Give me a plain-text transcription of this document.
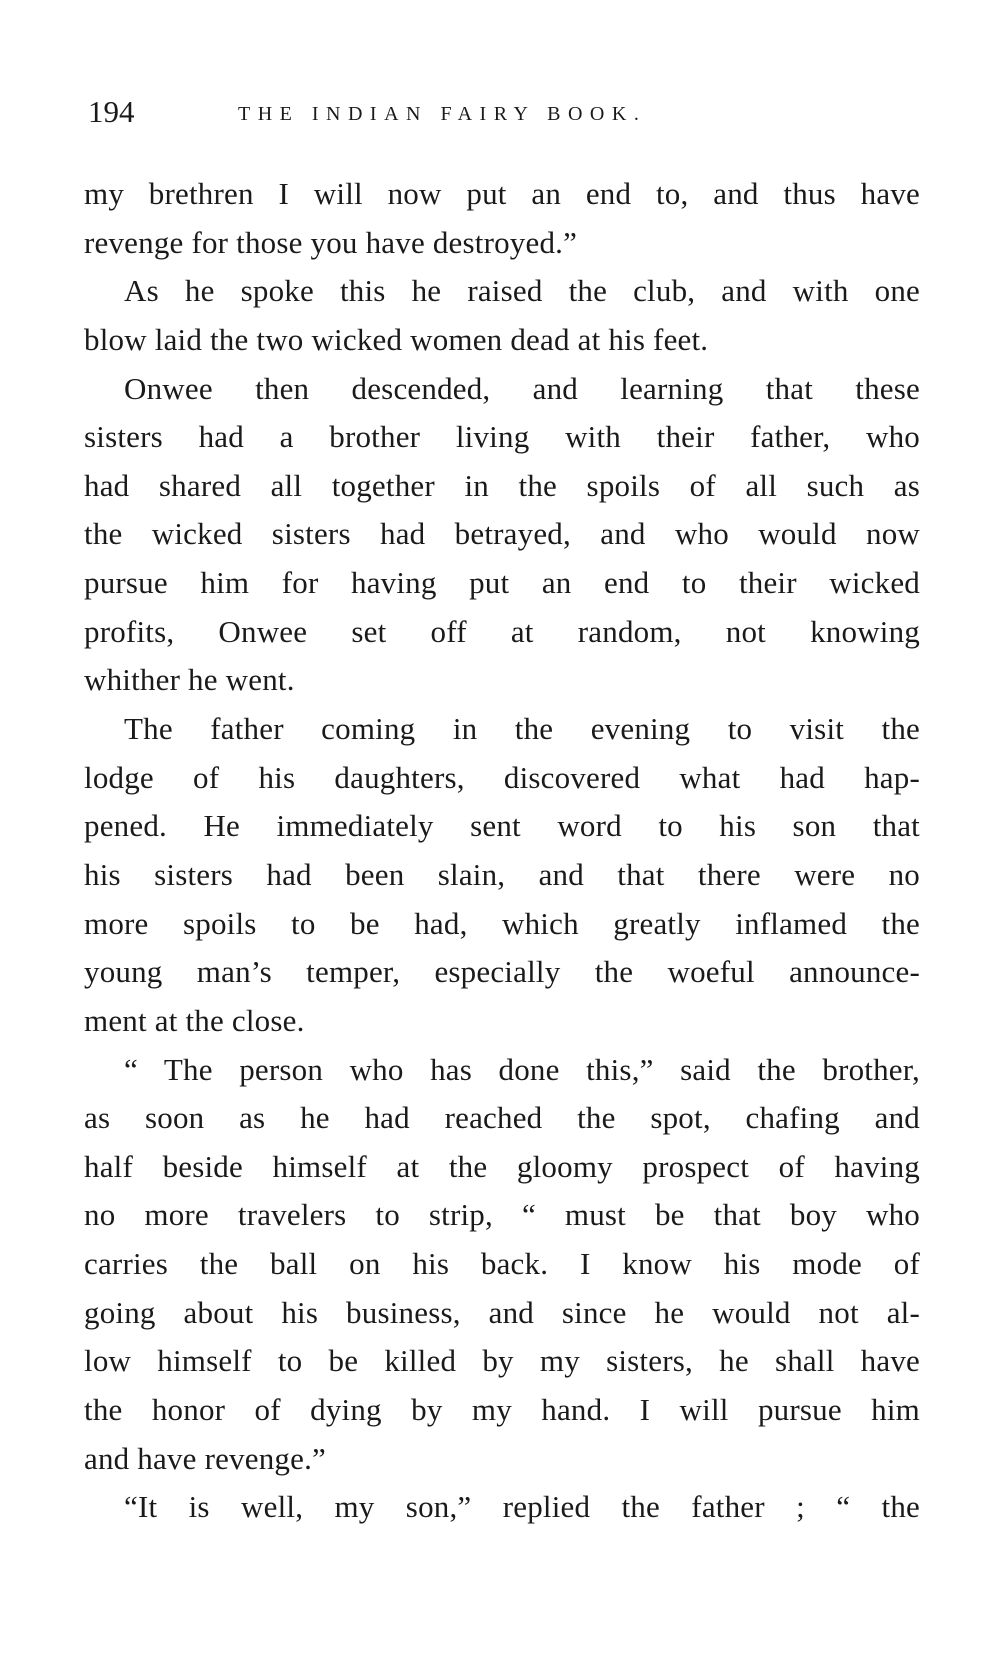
194	THE INDIAN FAIRY BOOK.
my brethren I will now put an end to, and thus have
revenge for those you have destroyed.”
As he spoke this he raised the club, and with one
blow laid the two wicked women dead at his feet.
Onwee then descended, and learning that these
sisters had a brother living with their father, who
had shared all together in the spoils of all such as
the wicked sisters had betrayed, and who would now
pursue him for having put an end to their wicked
profits, Onwee set off at random, not knowing
whither he went.
The father coming in the evening to visit the
lodge of his daughters, discovered what had hap-
pened. He immediately sent word to his son that
his sisters had been slain, and that there were no
more spoils to be had, which greatly inflamed the
young man’s temper, especially the woeful announce-
ment at the close.
“ The person who has done this,” said the brother,
as soon as he had reached the spot, chafing and
half beside himself at the gloomy prospect of having
no more travelers to strip, “ must be that boy who
carries the ball on his back. I know his mode of
going about his business, and since he would not al-
low himself to be killed by my sisters, he shall have
the honor of dying by my hand. I will pursue him
and have revenge.”
“It is well, my son,” replied the father ; “ the
